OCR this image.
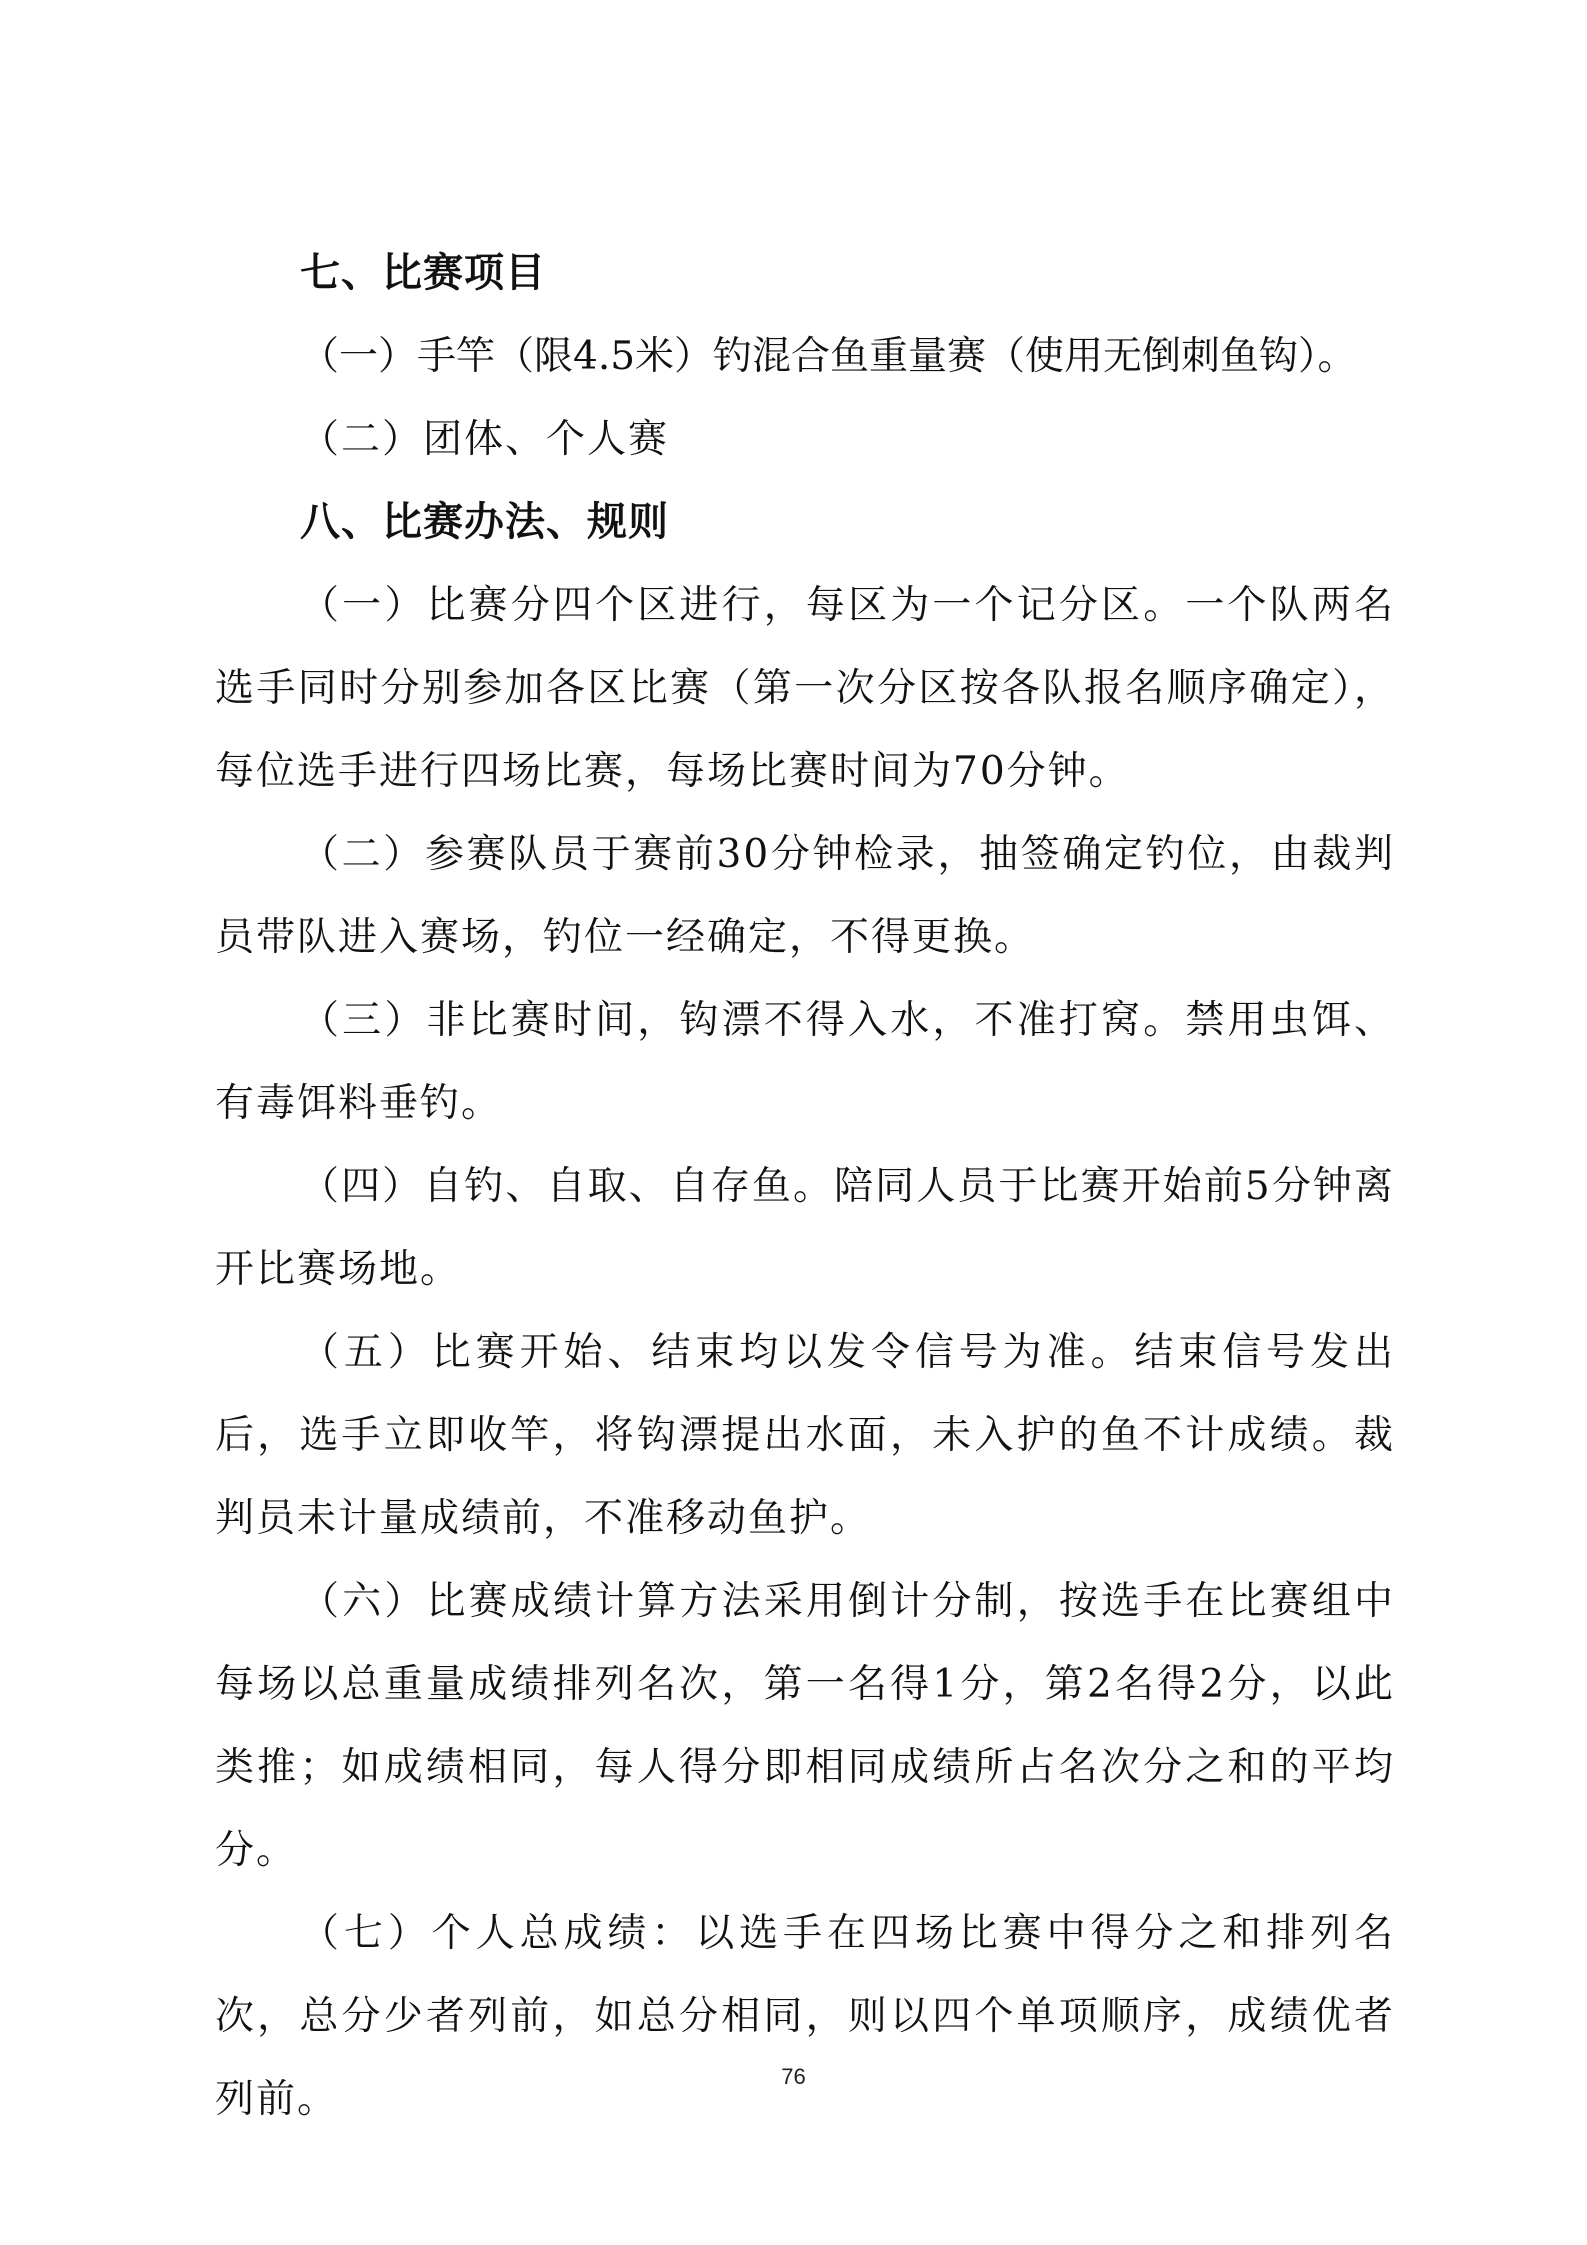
七、比赛项目

（一）手竿（限4.5米）钓混合鱼重量赛（使用无倒刺鱼钩）。

（二）团体、个人赛

八、比赛办法、规则

（一）比赛分四个区进行，每区为一个记分区。一个队两名选手同时分别参加各区比赛（第一次分区按各队报名顺序确定），每位选手进行四场比赛，每场比赛时间为70分钟。

（二）参赛队员于赛前30分钟检录，抽签确定钓位，由裁判员带队进入赛场，钓位一经确定，不得更换。

（三）非比赛时间，钩漂不得入水，不准打窝。禁用虫饵、有毒饵料垂钓。

（四）自钓、自取、自存鱼。陪同人员于比赛开始前5分钟离开比赛场地。

（五）比赛开始、结束均以发令信号为准。结束信号发出后，选手立即收竿，将钩漂提出水面，未入护的鱼不计成绩。裁判员未计量成绩前，不准移动鱼护。

（六）比赛成绩计算方法采用倒计分制，按选手在比赛组中每场以总重量成绩排列名次，第一名得1分，第2名得2分，以此类推；如成绩相同，每人得分即相同成绩所占名次分之和的平均分。

（七）个人总成绩：以选手在四场比赛中得分之和排列名次，总分少者列前，如总分相同，则以四个单项顺序，成绩优者列前。

76
